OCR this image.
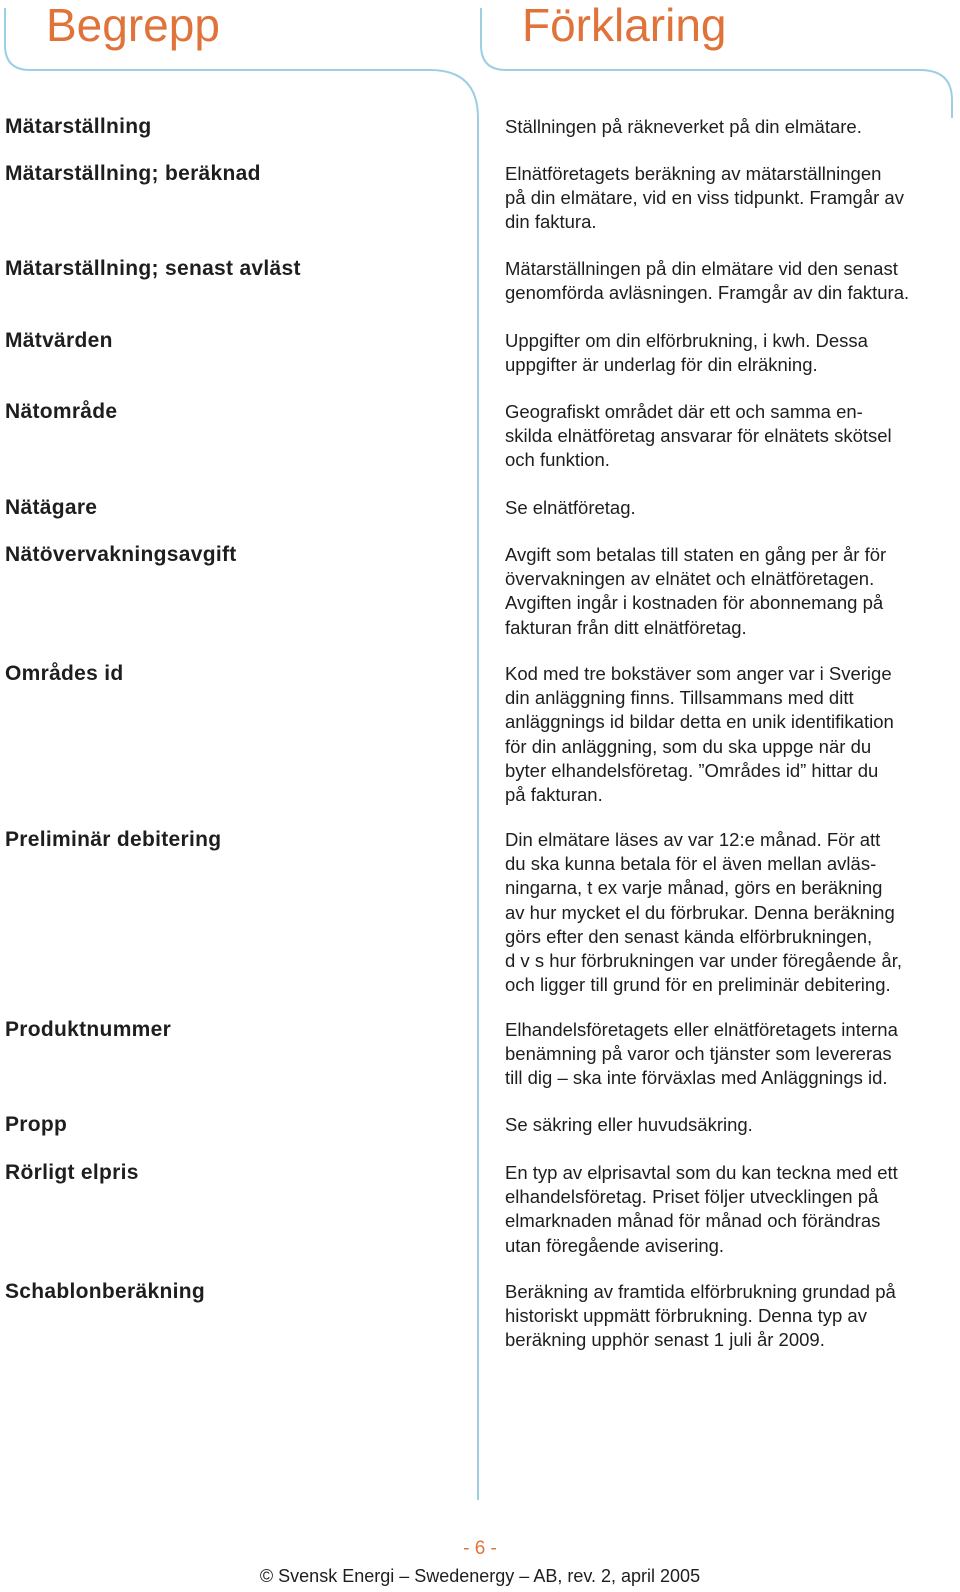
Begrepp	Förklaring
Mätarställning	Ställningen på räkneverket på din elmätare.
Mätarställning; beräknad	Elnätföretagets beräkning av mätarställningen
på din elmätare, vid en viss tidpunkt. Framgår av
din faktura.
Mätarställning; senast avläst	Mätarställningen på din elmätare vid den senast
genomförda avläsningen. Framgår av din faktura.
Mätvärden	Uppgifter om din elförbrukning, i kwh. Dessa
uppgifter är underlag för din elräkning.
Nätområde	Geografiskt området där ett och samma en-
skilda elnätföretag ansvarar för elnätets skötsel
och funktion.
Nätägare	Se elnätföretag.
Nätövervakningsavgift	Avgift som betalas till staten en gång per år för
övervakningen av elnätet och elnätföretagen.
Avgiften ingår i kostnaden för abonnemang på
fakturan från ditt elnätföretag.
Områdes id	Kod med tre bokstäver som anger var i Sverige
din anläggning finns. Tillsammans med ditt
anläggnings id bildar detta en unik identifikation
för din anläggning, som du ska uppge när du
byter elhandelsföretag. ”Områdes id” hittar du
på fakturan.
Preliminär debitering	Din elmätare läses av var 12:e månad. För att
du ska kunna betala för el även mellan avläs-
ningarna, t ex varje månad, görs en beräkning
av hur mycket el du förbrukar. Denna beräkning
görs efter den senast kända elförbrukningen,
d v s hur förbrukningen var under föregående år,
och ligger till grund för en preliminär debitering.
Produktnummer	Elhandelsföretagets eller elnätföretagets interna
benämning på varor och tjänster som levereras
till dig – ska inte förväxlas med Anläggnings id.
Propp	Se säkring eller huvudsäkring.
Rörligt elpris	En typ av elprisavtal som du kan teckna med ett
elhandelsföretag. Priset följer utvecklingen på
elmarknaden månad för månad och förändras
utan föregående avisering.
Schablonberäkning	Beräkning av framtida elförbrukning grundad på
historiskt uppmätt förbrukning. Denna typ av
beräkning upphör senast 1 juli år 2009.
- 6 -
© Svensk Energi – Swedenergy – AB, rev. 2, april 2005
